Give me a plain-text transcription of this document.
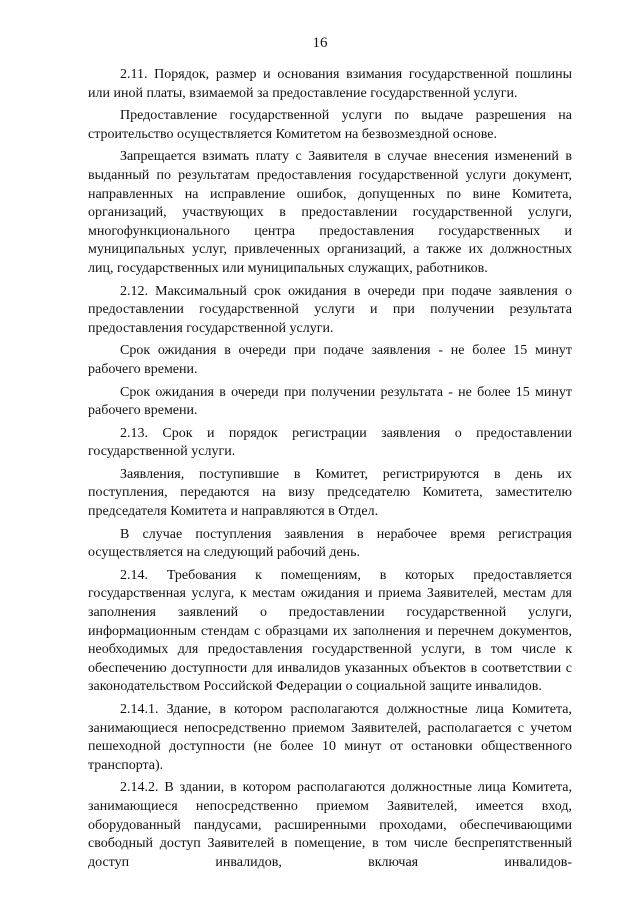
16

2.11. Порядок, размер и основания взимания государственной пошлины или иной платы, взимаемой за предоставление государственной услуги.

Предоставление государственной услуги по выдаче разрешения на строительство осуществляется Комитетом на безвозмездной основе.

Запрещается взимать плату с Заявителя в случае внесения изменений в выданный по результатам предоставления государственной услуги документ, направленных на исправление ошибок, допущенных по вине Комитета, организаций, участвующих в предоставлении государственной услуги, многофункционального центра предоставления государственных и муниципальных услуг, привлеченных организаций, а также их должностных лиц, государственных или муниципальных служащих, работников.

2.12. Максимальный срок ожидания в очереди при подаче заявления о предоставлении государственной услуги и при получении результата предоставления государственной услуги.

Срок ожидания в очереди при подаче заявления - не более 15 минут рабочего времени.

Срок ожидания в очереди при получении результата - не более 15 минут рабочего времени.

2.13. Срок и порядок регистрации заявления о предоставлении государственной услуги.

Заявления, поступившие в Комитет, регистрируются в день их поступления, передаются на визу председателю Комитета, заместителю председателя Комитета и направляются в Отдел.

В случае поступления заявления в нерабочее время регистрация осуществляется на следующий рабочий день.

2.14. Требования к помещениям, в которых предоставляется государственная услуга, к местам ожидания и приема Заявителей, местам для заполнения заявлений о предоставлении государственной услуги, информационным стендам с образцами их заполнения и перечнем документов, необходимых для предоставления государственной услуги, в том числе к обеспечению доступности для инвалидов указанных объектов в соответствии с законодательством Российской Федерации о социальной защите инвалидов.

2.14.1. Здание, в котором располагаются должностные лица Комитета, занимающиеся непосредственно приемом Заявителей, располагается с учетом пешеходной доступности (не более 10 минут от остановки общественного транспорта).

2.14.2. В здании, в котором располагаются должностные лица Комитета, занимающиеся непосредственно приемом Заявителей, имеется вход, оборудованный пандусами, расширенными проходами, обеспечивающими свободный доступ Заявителей в помещение, в том числе беспрепятственный доступ инвалидов, включая инвалидов-
